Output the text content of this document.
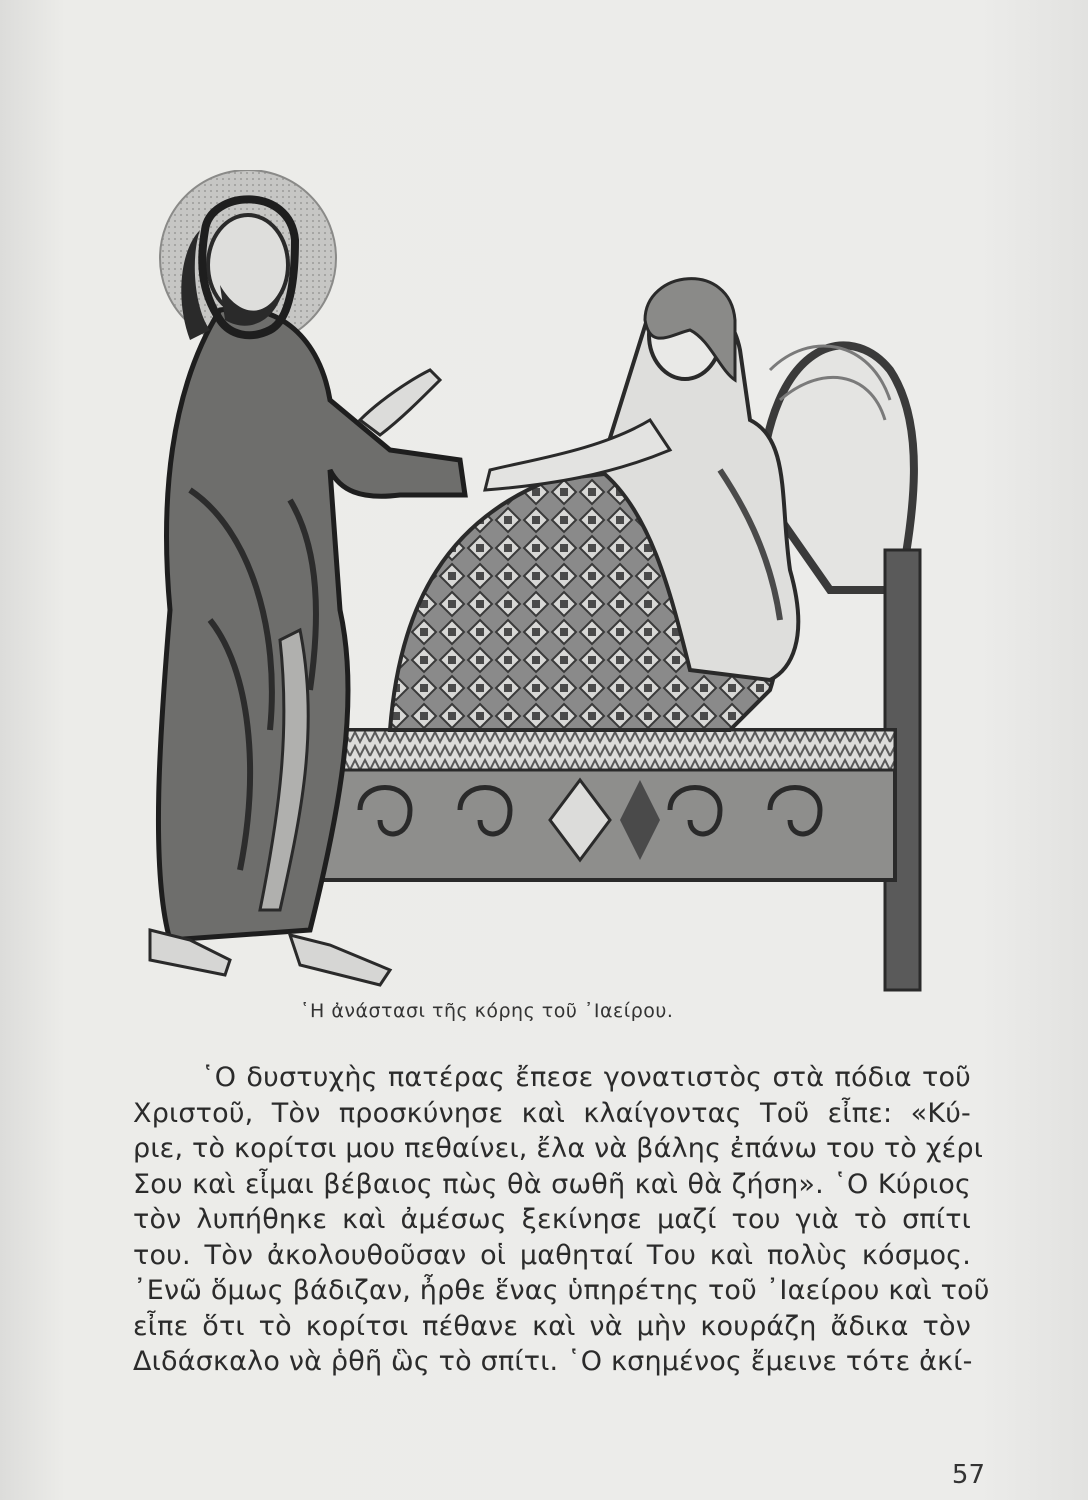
῾Η ἀνάστασι τῆς κόρης τοῦ ᾿Ιαείρου.
῾Ο δυστυχὴς πατέρας ἔπεσε γονατιστὸς στὰ πόδια τοῦ
Χριστοῦ, Τὸν προσκύνησε καὶ κλαίγοντας Τοῦ εἶπε: «Κύ-
ριε, τὸ κορίτσι μου πεθαίνει, ἔλα νὰ βάλης ἐπάνω του τὸ χέρι
Σου καὶ εἶμαι βέβαιος πὼς θὰ σωθῆ καὶ θὰ ζήση». ῾Ο Κύριος
τὸν λυπήθηκε καὶ ἀμέσως ξεκίνησε μαζί του γιὰ τὸ σπίτι
του. Τὸν ἀκολουθοῦσαν οἱ μαθηταί Του καὶ πολὺς κόσμος.
᾿Ενῶ ὅμως βάδιζαν, ἦρθε ἕνας ὑπηρέτης τοῦ ᾿Ιαείρου καὶ τοῦ
εἶπε ὅτι τὸ κορίτσι πέθανε καὶ νὰ μὴν κουράζη ἄδικα τὸν
Διδάσκαλο νὰ ῥθῆ ὣς τὸ σπίτι. ῾Ο κσημένος ἔμεινε τότε ἀκί-
57
